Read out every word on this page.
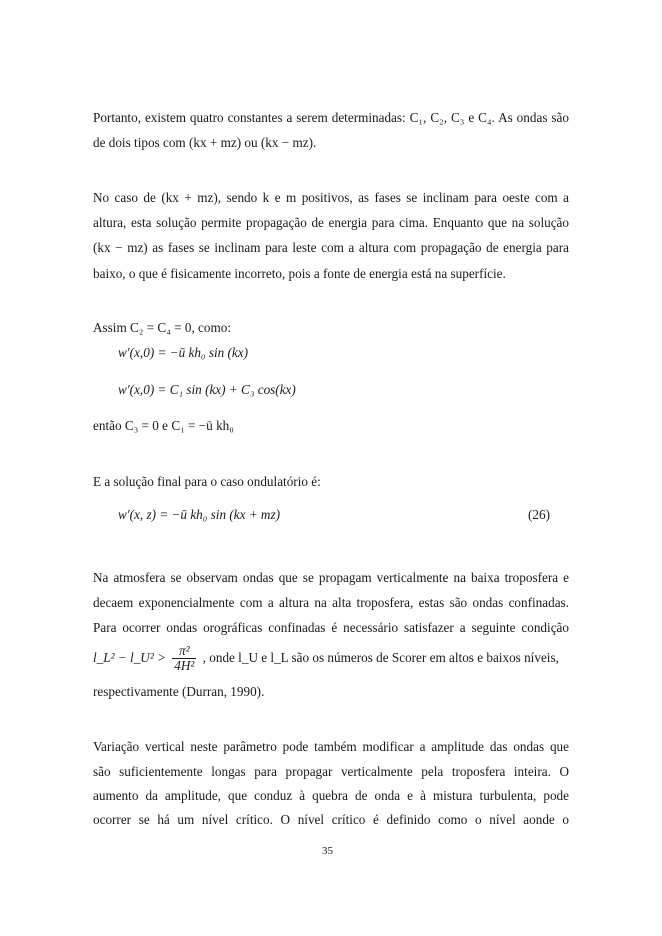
Portanto, existem quatro constantes a serem determinadas: C₁, C₂, C₃ e C₄. As ondas são
de dois tipos com (kx + mz) ou (kx − mz).
No caso de (kx + mz), sendo k e m positivos, as fases se inclinam para oeste com a
altura, esta solução permite propagação de energia para cima. Enquanto que na solução
(kx − mz) as fases se inclinam para leste com a altura com propagação de energia para
baixo, o que é fisicamente incorreto, pois a fonte de energia está na superfície.
Assim C₂ = C₄ = 0, como:
w′(x,0) = −ū kh₀ sin (kx)
w′(x,0) = C₁ sin (kx) + C₃ cos(kx)
então C₃ = 0 e C₁ = −ū kh₀
E a solução final para o caso ondulatório é:
w′(x, z) = −ū kh₀ sin (kx + mz)	(26)
Na atmosfera se observam ondas que se propagam verticalmente na baixa troposfera e
decaem exponencialmente com a altura na alta troposfera, estas são ondas confinadas.
Para ocorrer ondas orográficas confinadas é necessário satisfazer a seguinte condição
l_L² − l_U² > $\frac{\text{π²}}{\text{4H²}}$ , onde l_U e l_L são os números de Scorer em altos e baixos níveis,
respectivamente (Durran, 1990).
Variação vertical neste parâmetro pode também modificar a amplitude das ondas que
são suficientemente longas para propagar verticalmente pela troposfera inteira. O
aumento da amplitude, que conduz à quebra de onda e à mistura turbulenta, pode
ocorrer se há um nível crítico. O nível crítico é definido como o nível aonde o
35
